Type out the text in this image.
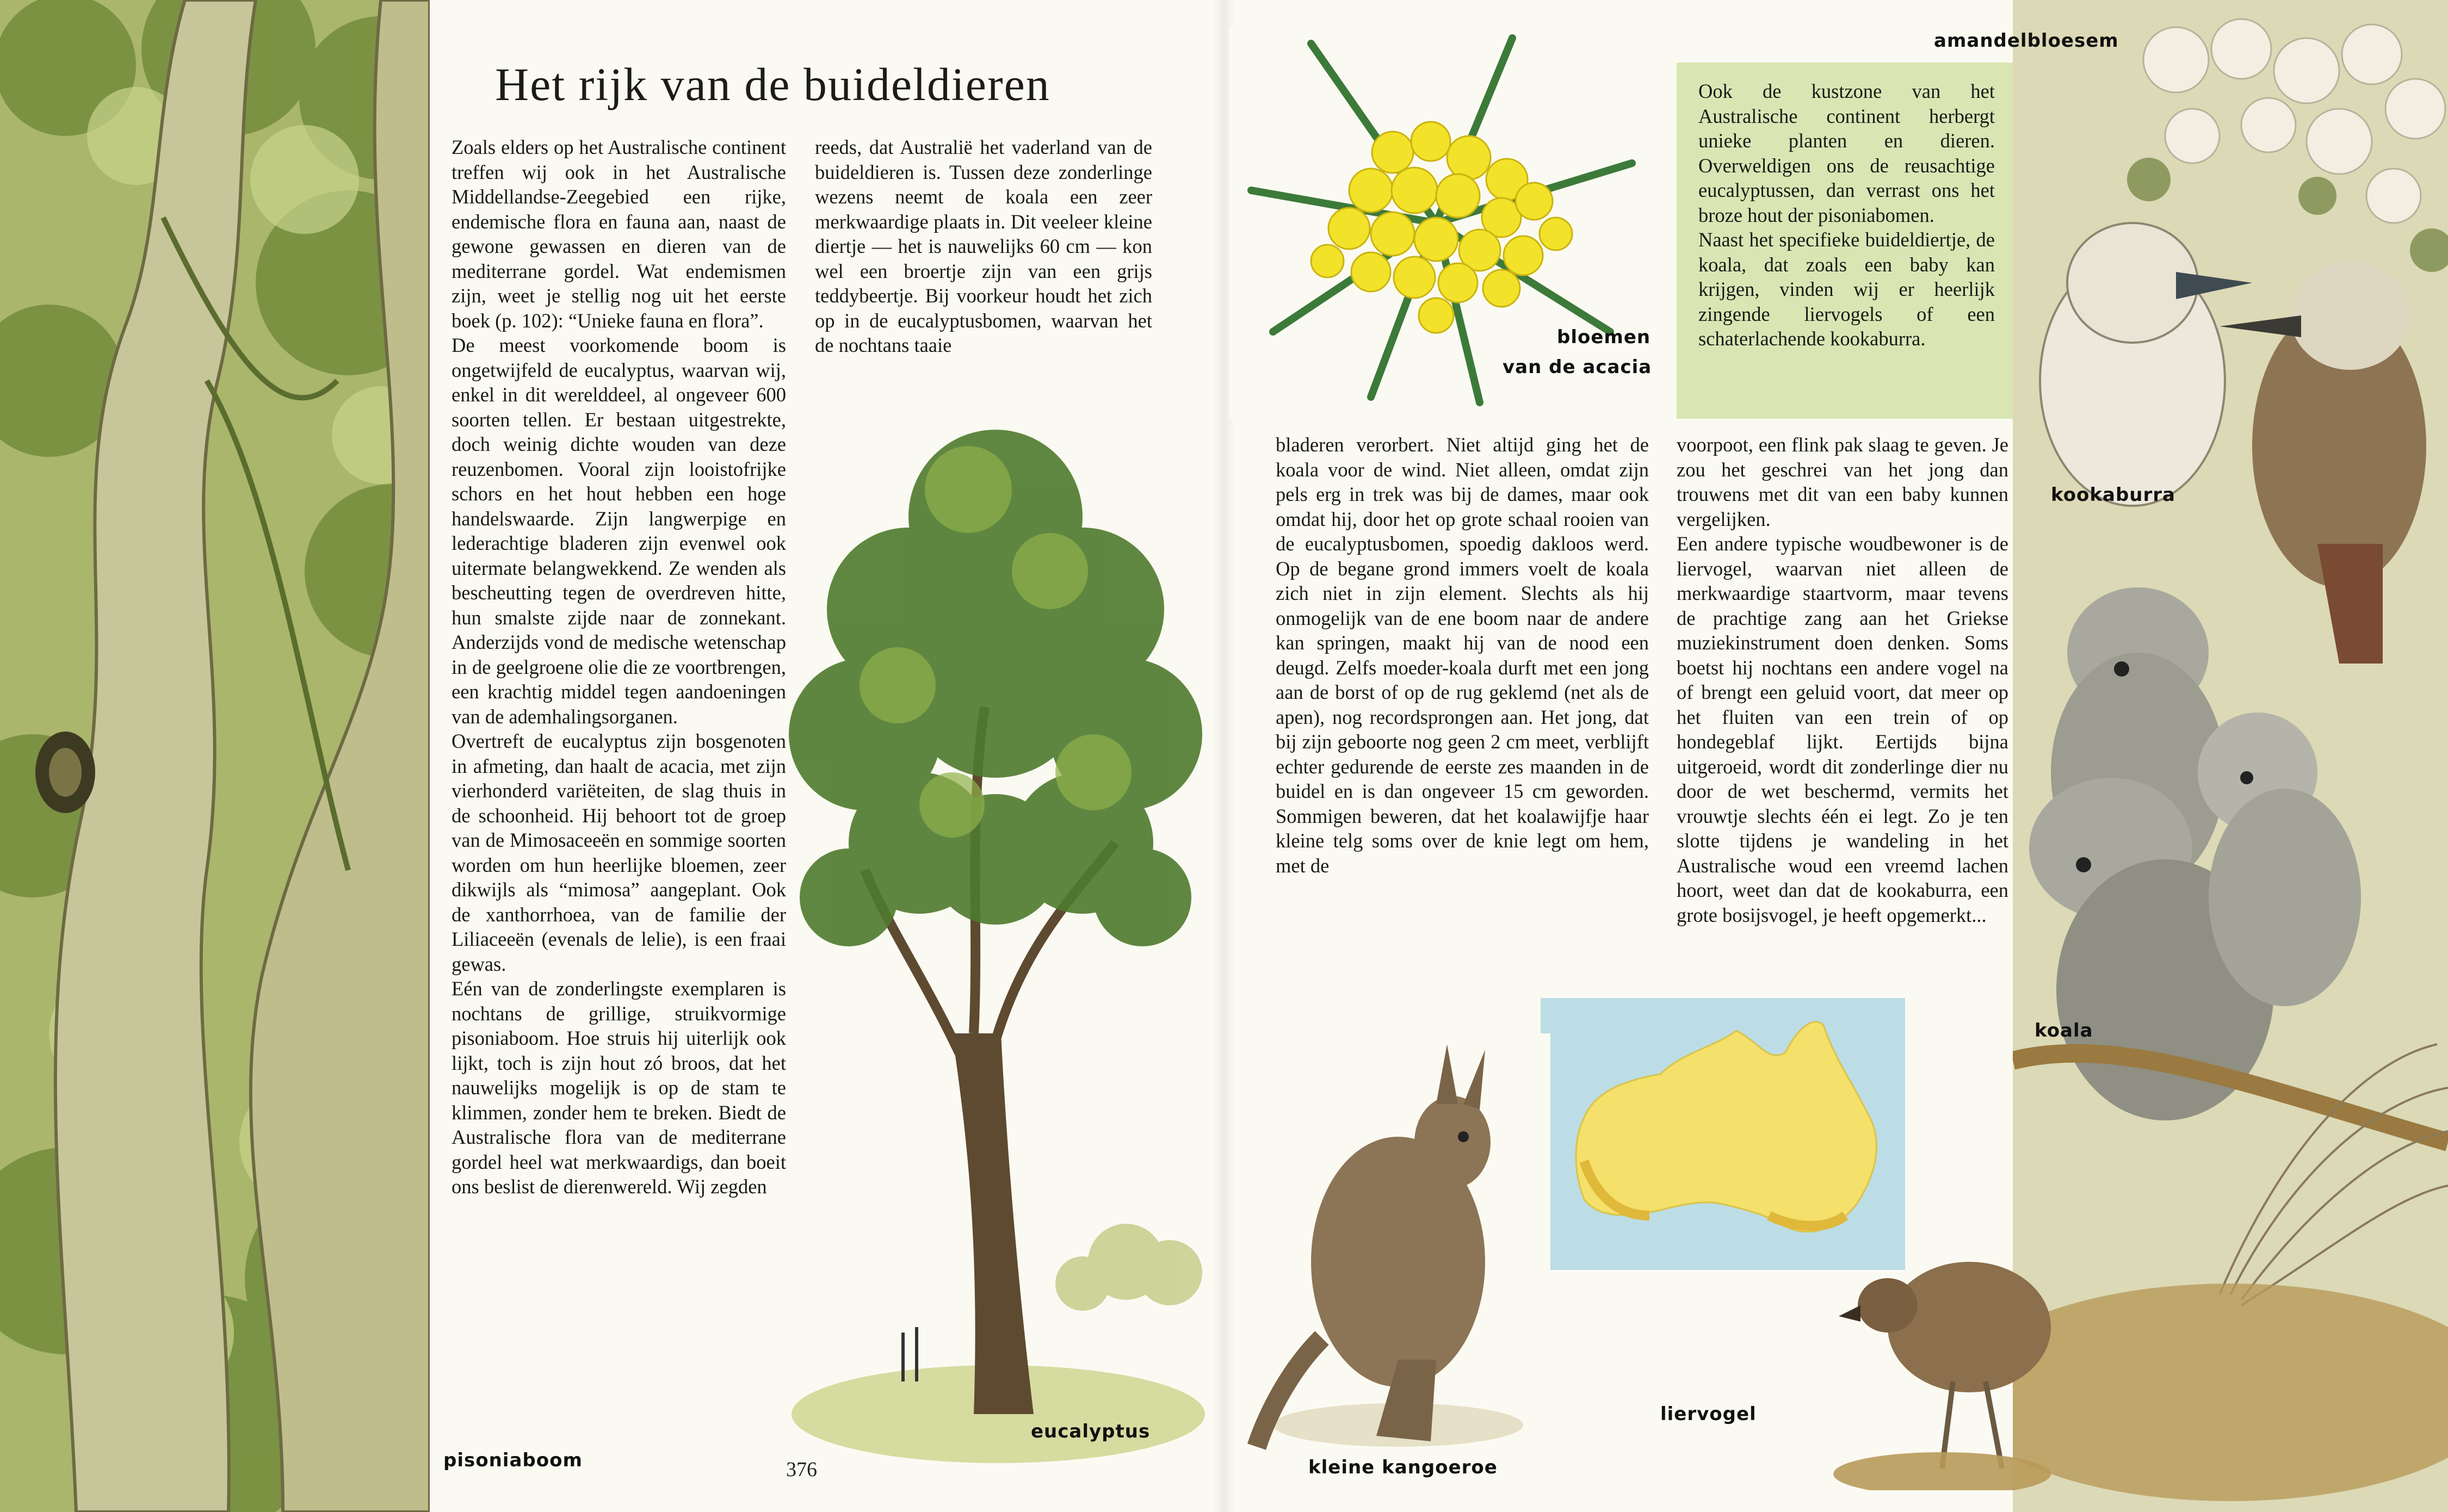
Het rijk van de buideldieren

Zoals elders op het Australische continent treffen wij ook in het Australische Middellandse-Zeegebied een rijke, endemische flora en fauna aan, naast de gewone gewassen en dieren van de mediterrane gordel. Wat endemismen zijn, weet je stellig nog uit het eerste boek (p. 102): “Unieke fauna en flora”.

De meest voorkomende boom is ongetwijfeld de eucalyptus, waarvan wij, enkel in dit werelddeel, al ongeveer 600 soorten tellen. Er bestaan uitgestrekte, doch weinig dichte wouden van deze reuzenbomen. Vooral zijn looistofrijke schors en het hout hebben een hoge handelswaarde. Zijn langwerpige en lederachtige bladeren zijn evenwel ook uitermate belangwekkend. Ze wenden als bescheutting tegen de overdreven hitte, hun smalste zijde naar de zonnekant. Anderzijds vond de medische wetenschap in de geelgroene olie die ze voortbrengen, een krachtig middel tegen aandoeningen van de ademhalingsorganen.

Overtreft de eucalyptus zijn bosgenoten in afmeting, dan haalt de acacia, met zijn vierhonderd variëteiten, de slag thuis in de schoonheid. Hij behoort tot de groep van de Mimosaceeën en sommige soorten worden om hun heerlijke bloemen, zeer dikwijls als “mimosa” aangeplant. Ook de xanthorrhoea, van de familie der Liliaceeën (evenals de lelie), is een fraai gewas.

Eén van de zonderlingste exemplaren is nochtans de grillige, struikvormige pisoniaboom. Hoe struis hij uiterlijk ook lijkt, toch is zijn hout zó broos, dat het nauwelijks mogelijk is op de stam te klimmen, zonder hem te breken. Biedt de Australische flora van de mediterrane gordel heel wat merkwaardigs, dan boeit ons beslist de dierenwereld. Wij zegden

reeds, dat Australië het vaderland van de buideldieren is. Tussen deze zonderlinge wezens neemt de koala een zeer merkwaardige plaats in. Dit veeleer kleine diertje — het is nauwelijks 60 cm — kon wel een broertje zijn van een grijs teddybeertje. Bij voorkeur houdt het zich op in de eucalyptusbomen, waarvan het de nochtans taaie

pisoniaboom
eucalyptus
376
bloemen
van de acacia

Ook de kustzone van het Australische continent herbergt unieke planten en dieren. Overweldigen ons de reusachtige eucalyptussen, dan verrast ons het broze hout der pisoniabomen.

Naast het specifieke buideldiertje, de koala, dat zoals een baby kan krijgen, vinden wij er heerlijk zingende liervogels of een schaterlachende kookaburra.

amandelbloesem
kookaburra
koala

bladeren verorbert. Niet altijd ging het de koala voor de wind. Niet alleen, omdat zijn pels erg in trek was bij de dames, maar ook omdat hij, door het op grote schaal rooien van de eucalyptusbomen, spoedig dakloos werd. Op de begane grond immers voelt de koala zich niet in zijn element. Slechts als hij onmogelijk van de ene boom naar de andere kan springen, maakt hij van de nood een deugd. Zelfs moeder-koala durft met een jong aan de borst of op de rug geklemd (net als de apen), nog recordsprongen aan. Het jong, dat bij zijn geboorte nog geen 2 cm meet, verblijft echter gedurende de eerste zes maanden in de buidel en is dan ongeveer 15 cm geworden. Sommigen beweren, dat het koalawijfje haar kleine telg soms over de knie legt om hem, met de

voorpoot, een flink pak slaag te geven. Je zou het geschrei van het jong dan trouwens met dit van een baby kunnen vergelijken.

Een andere typische woudbewoner is de liervogel, waarvan niet alleen de merkwaardige staartvorm, maar tevens de prachtige zang aan het Griekse muziekinstrument doen denken. Soms boetst hij nochtans een andere vogel na of brengt een geluid voort, dat meer op het fluiten van een trein of op hondegeblaf lijkt. Eertijds bijna uitgeroeid, wordt dit zonderlinge dier nu door de wet beschermd, vermits het vrouwtje slechts één ei legt. Zo je ten slotte tijdens je wandeling in het Australische woud een vreemd lachen hoort, weet dan dat de kookaburra, een grote bosijsvogel, je heeft opgemerkt...

kleine kangoeroe
liervogel
